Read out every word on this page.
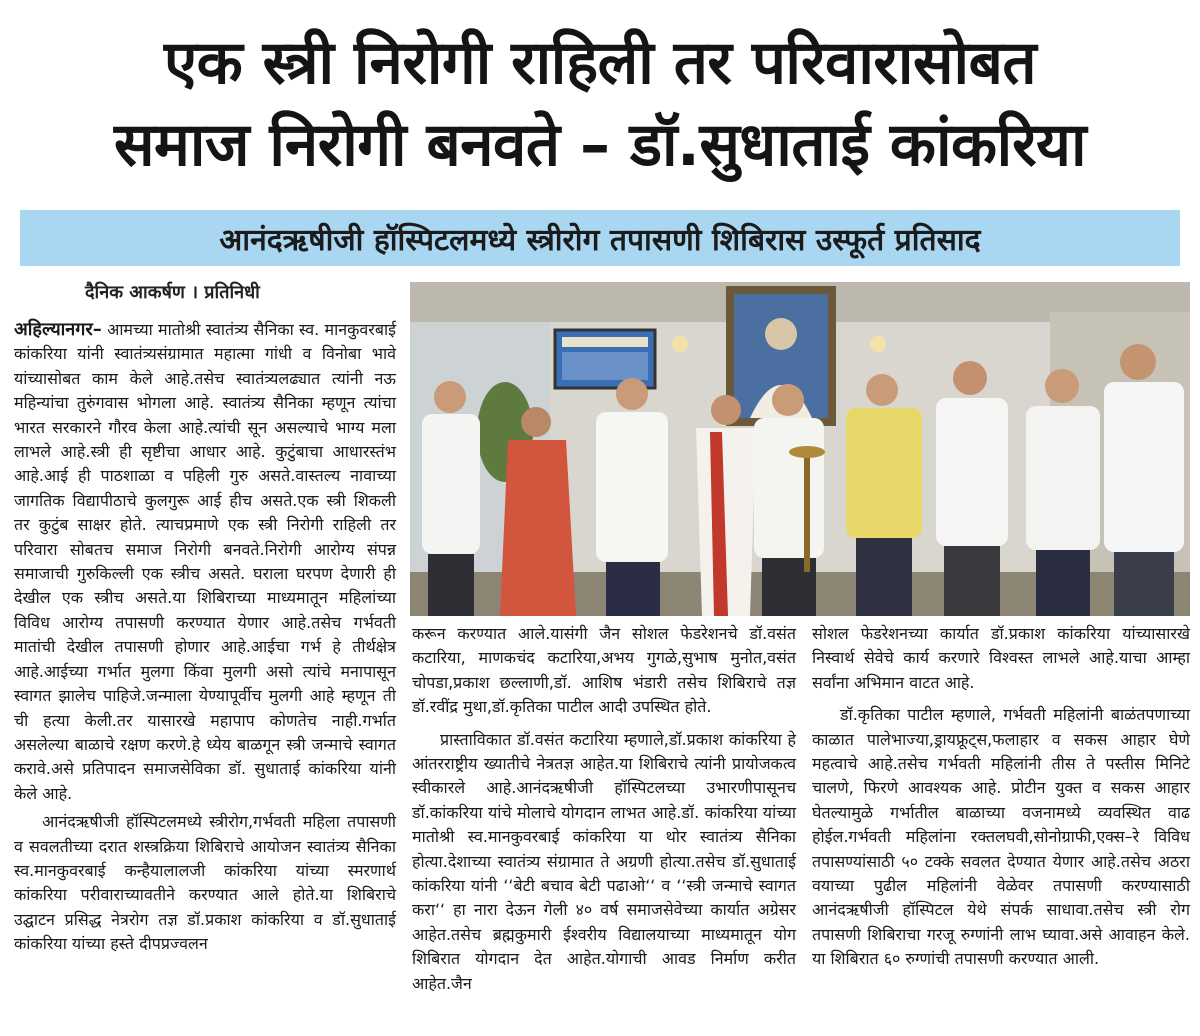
एक स्त्री निरोगी राहिली तर परिवारासोबत
समाज निरोगी बनवते – डॉ.सुधाताई कांकरिया
आनंदऋषीजी हॉस्पिटलमध्ये स्त्रीरोग तपासणी शिबिरास उस्फूर्त प्रतिसाद
दैनिक आकर्षण । प्रतिनिधी

अहिल्यानगर– आमच्या मातोश्री स्वातंत्र्य सैनिका स्व. मानकुवरबाई कांकरिया यांनी स्वातंत्र्यसंग्रामात महात्मा गांधी व विनोबा भावे यांच्यासोबत काम केले आहे.तसेच स्वातंत्र्यलढ्यात त्यांनी नऊ महिन्यांचा तुरुंगवास भोगला आहे. स्वातंत्र्य सैनिका म्हणून त्यांचा भारत सरकारने गौरव केला आहे.त्यांची सून असल्याचे भाग्य मला लाभले आहे.स्त्री ही सृष्टीचा आधार आहे. कुटुंबाचा आधारस्तंभ आहे.आई ही पाठशाळा व पहिली गुरु असते.वास्तल्य नावाच्या जागतिक विद्यापीठाचे कुलगुरू आई हीच असते.एक स्त्री शिकली तर कुटुंब साक्षर होते. त्याचप्रमाणे एक स्त्री निरोगी राहिली तर परिवारा सोबतच समाज निरोगी बनवते.निरोगी आरोग्य संपन्न समाजाची गुरुकिल्ली एक स्त्रीच असते. घराला घरपण देणारी ही देखील एक स्त्रीच असते.या शिबिराच्या माध्यमातून महिलांच्या विविध आरोग्य तपासणी करण्यात येणार आहे.तसेच गर्भवती मातांची देखील तपासणी होणार आहे.आईचा गर्भ हे तीर्थक्षेत्र आहे.आईच्या गर्भात मुलगा किंवा मुलगी असो त्यांचे मनापासून स्वागत झालेच पाहिजे.जन्माला येण्यापूर्वीच मुलगी आहे म्हणून ती ची हत्या केली.तर यासारखे महापाप कोणतेच नाही.गर्भात असलेल्या बाळाचे रक्षण करणे.हे ध्येय बाळगून स्त्री जन्माचे स्वागत करावे.असे प्रतिपादन समाजसेविका डॉ. सुधाताई कांकरिया यांनी केले आहे.

आनंदऋषीजी हॉस्पिटलमध्ये स्त्रीरोग,गर्भवती महिला तपासणी व सवलतीच्या दरात शस्त्रक्रिया शिबिराचे आयोजन स्वातंत्र्य सैनिका स्व.मानकुवरबाई कन्हैयालालजी कांकरिया यांच्या स्मरणार्थ कांकरिया परीवाराच्यावतीने करण्यात आले होते.या शिबिराचे उद्घाटन प्रसिद्ध नेत्ररोग तज्ञ डॉ.प्रकाश कांकरिया व डॉ.सुधाताई कांकरिया यांच्या हस्ते दीपप्रज्वलन

करून करण्यात आले.यासंगी जैन सोशल फेडरेशनचे डॉ.वसंत कटारिया, माणकचंद कटारिया,अभय गुगळे,सुभाष मुनोत,वसंत चोपडा,प्रकाश छल्लाणी,डॉ. आशिष भंडारी तसेच शिबिराचे तज्ञ डॉ.रवींद्र मुथा,डॉ.कृतिका पाटील आदी उपस्थित होते.

प्रास्ताविकात डॉ.वसंत कटारिया म्हणाले,डॉ.प्रकाश कांकरिया हे आंतरराष्ट्रीय ख्यातीचे नेत्रतज्ञ आहेत.या शिबिराचे त्यांनी प्रायोजकत्व स्वीकारले आहे.आनंदऋषीजी हॉस्पिटलच्या उभारणीपासूनच डॉ.कांकरिया यांचे मोलाचे योगदान लाभत आहे.डॉ. कांकरिया यांच्या मातोश्री स्व.मानकुवरबाई कांकरिया या थोर स्वातंत्र्य सैनिका होत्या.देशाच्या स्वातंत्र्य संग्रामात ते अग्रणी होत्या.तसेच डॉ.सुधाताई कांकरिया यांनी ‘‘बेटी बचाव बेटी पढाओ‘‘ व ‘‘स्त्री जन्माचे स्वागत करा‘‘ हा नारा देऊन गेली ४० वर्ष समाजसेवेच्या कार्यात अग्रेसर आहेत.तसेच ब्रह्मकुमारी ईश्वरीय विद्यालयाच्या माध्यमातून योग शिबिरात योगदान देत आहेत.योगाची आवड निर्माण करीत आहेत.जैन

सोशल फेडरेशनच्या कार्यात डॉ.प्रकाश कांकरिया यांच्यासारखे निस्वार्थ सेवेचे कार्य करणारे विश्वस्त लाभले आहे.याचा आम्हा सर्वांना अभिमान वाटत आहे.

डॉ.कृतिका पाटील म्हणाले, गर्भवती महिलांनी बाळंतपणाच्या काळात पालेभाज्या,ड्रायफ्रूट्स,फलाहार व सकस आहार घेणे महत्वाचे आहे.तसेच गर्भवती महिलांनी तीस ते पस्तीस मिनिटे चालणे, फिरणे आवश्यक आहे. प्रोटीन युक्त व सकस आहार घेतल्यामुळे गर्भातील बाळाच्या वजनामध्ये व्यवस्थित वाढ होईल.गर्भवती महिलांना रक्तलघवी,सोनोग्राफी,एक्स–रे विविध तपासण्यांसाठी ५० टक्के सवलत देण्यात येणार आहे.तसेच अठरा वयाच्या पुढील महिलांनी वेळेवर तपासणी करण्यासाठी आनंदऋषीजी हॉस्पिटल येथे संपर्क साधावा.तसेच स्त्री रोग तपासणी शिबिराचा गरजू रुग्णांनी लाभ घ्यावा.असे आवाहन केले. या शिबिरात ६० रुग्णांची तपासणी करण्यात आली.
